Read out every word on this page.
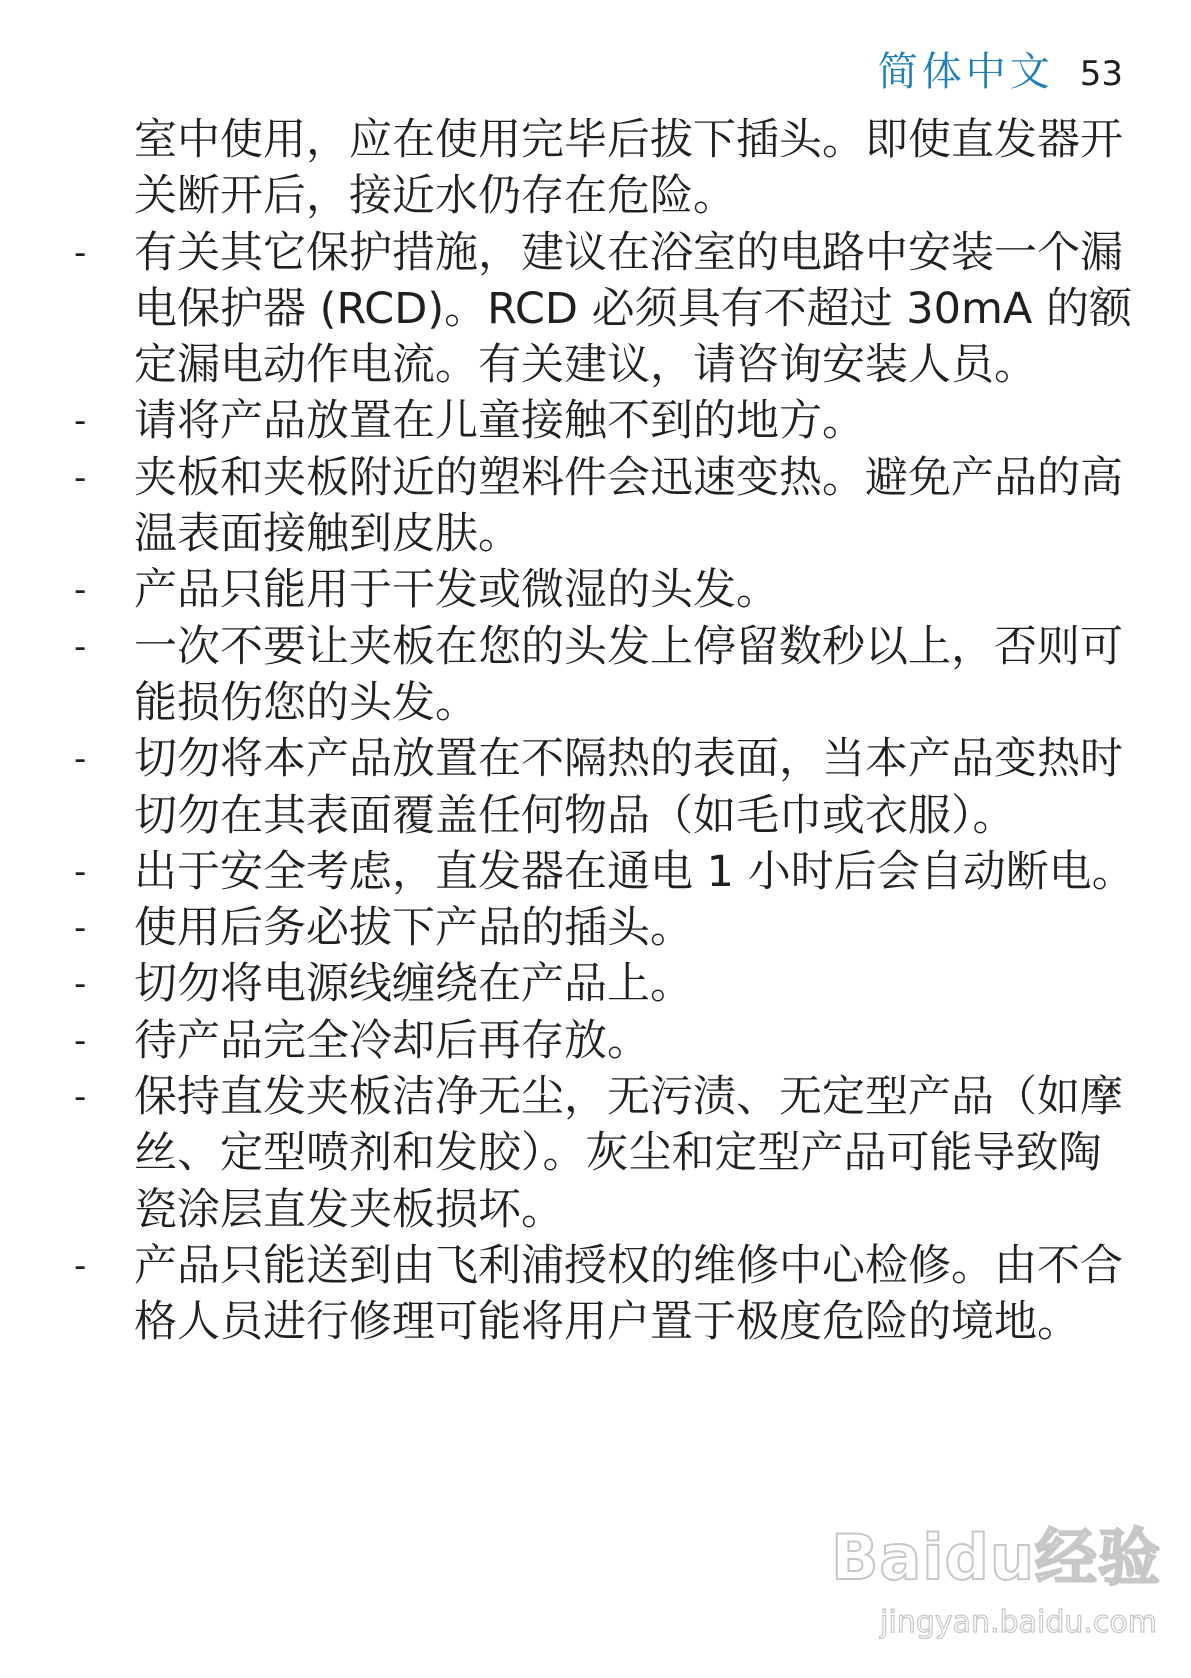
简体中文 53

室中使用，应在使用完毕后拔下插头。即使直发器开关断开后，接近水仍存在危险。

- 有关其它保护措施，建议在浴室的电路中安装一个漏电保护器 (RCD)。RCD 必须具有不超过 30mA 的额定漏电动作电流。有关建议，请咨询安装人员。

- 请将产品放置在儿童接触不到的地方。

- 夹板和夹板附近的塑料件会迅速变热。避免产品的高温表面接触到皮肤。

- 产品只能用于干发或微湿的头发。

- 一次不要让夹板在您的头发上停留数秒以上，否则可能损伤您的头发。

- 切勿将本产品放置在不隔热的表面，当本产品变热时切勿在其表面覆盖任何物品（如毛巾或衣服）。

- 出于安全考虑，直发器在通电 1 小时后会自动断电。

- 使用后务必拔下产品的插头。

- 切勿将电源线缠绕在产品上。

- 待产品完全冷却后再存放。

- 保持直发夹板洁净无尘，无污渍、无定型产品（如摩丝、定型喷剂和发胶）。灰尘和定型产品可能导致陶瓷涂层直发夹板损坏。

- 产品只能送到由飞利浦授权的维修中心检修。由不合格人员进行修理可能将用户置于极度危险的境地。

Baidu经验
jingyan.baidu.com
